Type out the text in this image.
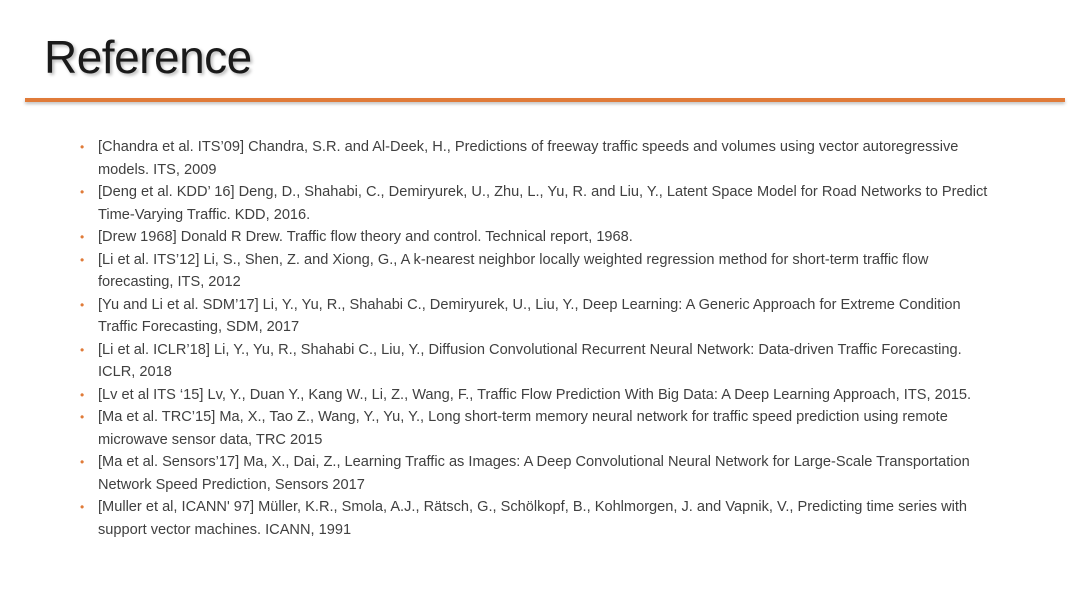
Reference
• [Chandra et al. ITS’09] Chandra, S.R. and Al-Deek, H., Predictions of freeway traffic speeds and volumes using vector autoregressive models. ITS, 2009
• [Deng et al. KDD’ 16] Deng, D., Shahabi, C., Demiryurek, U., Zhu, L., Yu, R. and Liu, Y., Latent Space Model for Road Networks to Predict Time-Varying Traffic. KDD, 2016.
• [Drew 1968] Donald R Drew. Traffic flow theory and control. Technical report, 1968.
• [Li et al. ITS’12] Li, S., Shen, Z. and Xiong, G., A k-nearest neighbor locally weighted regression method for short-term traffic flow forecasting, ITS, 2012
• [Yu and Li et al. SDM’17] Li, Y., Yu, R., Shahabi C., Demiryurek, U., Liu, Y., Deep Learning: A Generic Approach for Extreme Condition Traffic Forecasting, SDM, 2017
• [Li et al. ICLR’18] Li, Y., Yu, R., Shahabi C., Liu, Y., Diffusion Convolutional Recurrent Neural Network: Data-driven Traffic Forecasting. ICLR, 2018
• [Lv et al ITS ‘15] Lv, Y., Duan Y., Kang W., Li, Z., Wang, F., Traffic Flow Prediction With Big Data: A Deep Learning Approach, ITS, 2015.
• [Ma et al. TRC’15] Ma, X., Tao Z., Wang, Y., Yu, Y., Long short-term memory neural network for traffic speed prediction using remote microwave sensor data, TRC 2015
• [Ma et al. Sensors’17] Ma, X., Dai, Z., Learning Traffic as Images: A Deep Convolutional Neural Network for Large-Scale Transportation Network Speed Prediction, Sensors 2017
• [Muller et al, ICANN' 97] Müller, K.R., Smola, A.J., Rätsch, G., Schölkopf, B., Kohlmorgen, J. and Vapnik, V., Predicting time series with support vector machines. ICANN, 1991
